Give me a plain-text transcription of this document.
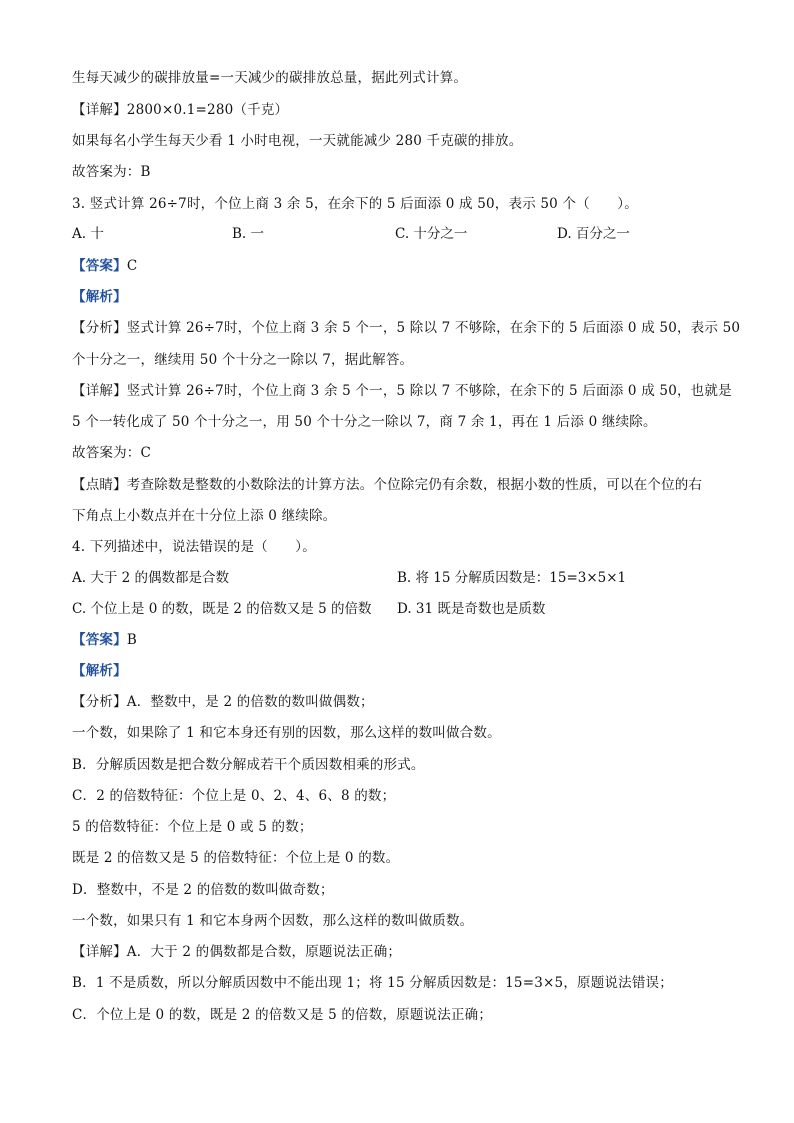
生每天减少的碳排放量=一天减少的碳排放总量，据此列式计算。
【详解】2800×0.1=280（千克）
如果每名小学生每天少看 1 小时电视，一天就能减少 280 千克碳的排放。
故答案为：B
3. 竖式计算 26÷7时，个位上商 3 余 5，在余下的 5 后面添 0 成 50，表示 50 个（　　）。
A. 十	B. 一	C. 十分之一	D. 百分之一
【答案】C
【解析】
【分析】竖式计算 26÷7时，个位上商 3 余 5 个一，5 除以 7 不够除，在余下的 5 后面添 0 成 50，表示 50
个十分之一，继续用 50 个十分之一除以 7，据此解答。
【详解】竖式计算 26÷7时，个位上商 3 余 5 个一，5 除以 7 不够除，在余下的 5 后面添 0 成 50，也就是
5 个一转化成了 50 个十分之一，用 50 个十分之一除以 7，商 7 余 1，再在 1 后添 0 继续除。
故答案为：C
【点睛】考查除数是整数的小数除法的计算方法。个位除完仍有余数，根据小数的性质，可以在个位的右
下角点上小数点并在十分位上添 0 继续除。
4. 下列描述中，说法错误的是（　　）。
A. 大于 2 的偶数都是合数	B. 将 15 分解质因数是：15=3×5×1
C. 个位上是 0 的数，既是 2 的倍数又是 5 的倍数 D. 31 既是奇数也是质数
【答案】B
【解析】
【分析】A．整数中，是 2 的倍数的数叫做偶数；
一个数，如果除了 1 和它本身还有别的因数，那么这样的数叫做合数。
B．分解质因数是把合数分解成若干个质因数相乘的形式。
C．2 的倍数特征：个位上是 0、2、4、6、8 的数；
5 的倍数特征：个位上是 0 或 5 的数；
既是 2 的倍数又是 5 的倍数特征：个位上是 0 的数。
D．整数中，不是 2 的倍数的数叫做奇数；
一个数，如果只有 1 和它本身两个因数，那么这样的数叫做质数。
【详解】A．大于 2 的偶数都是合数，原题说法正确；
B．1 不是质数，所以分解质因数中不能出现 1；将 15 分解质因数是：15=3×5，原题说法错误；
C．个位上是 0 的数，既是 2 的倍数又是 5 的倍数，原题说法正确；
